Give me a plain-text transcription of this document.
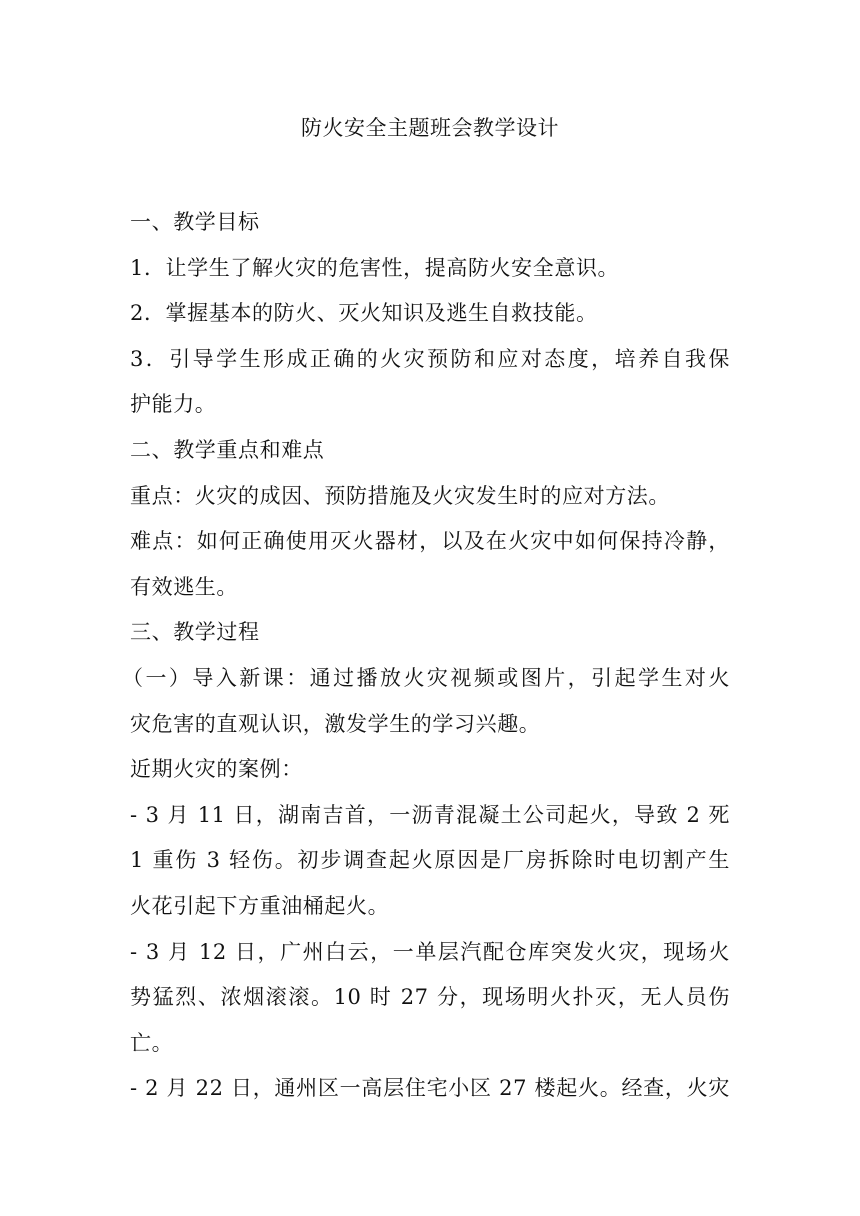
防火安全主题班会教学设计
一、教学目标
1．让学生了解火灾的危害性，提高防火安全意识。
2．掌握基本的防火、灭火知识及逃生自救技能。
3．引导学生形成正确的火灾预防和应对态度，培养自我保
护能力。
二、教学重点和难点
重点：火灾的成因、预防措施及火灾发生时的应对方法。
难点：如何正确使用灭火器材，以及在火灾中如何保持冷静，
有效逃生。
三、教学过程
（一）导入新课：通过播放火灾视频或图片，引起学生对火
灾危害的直观认识，激发学生的学习兴趣。
近期火灾的案例：
- 3 月 11 日，湖南吉首，一沥青混凝土公司起火，导致 2 死
1 重伤 3 轻伤。初步调查起火原因是厂房拆除时电切割产生
火花引起下方重油桶起火。
- 3 月 12 日，广州白云，一单层汽配仓库突发火灾，现场火
势猛烈、浓烟滚滚。10 时 27 分，现场明火扑灭，无人员伤
亡。
- 2 月 22 日，通州区一高层住宅小区 27 楼起火。经查，火灾
